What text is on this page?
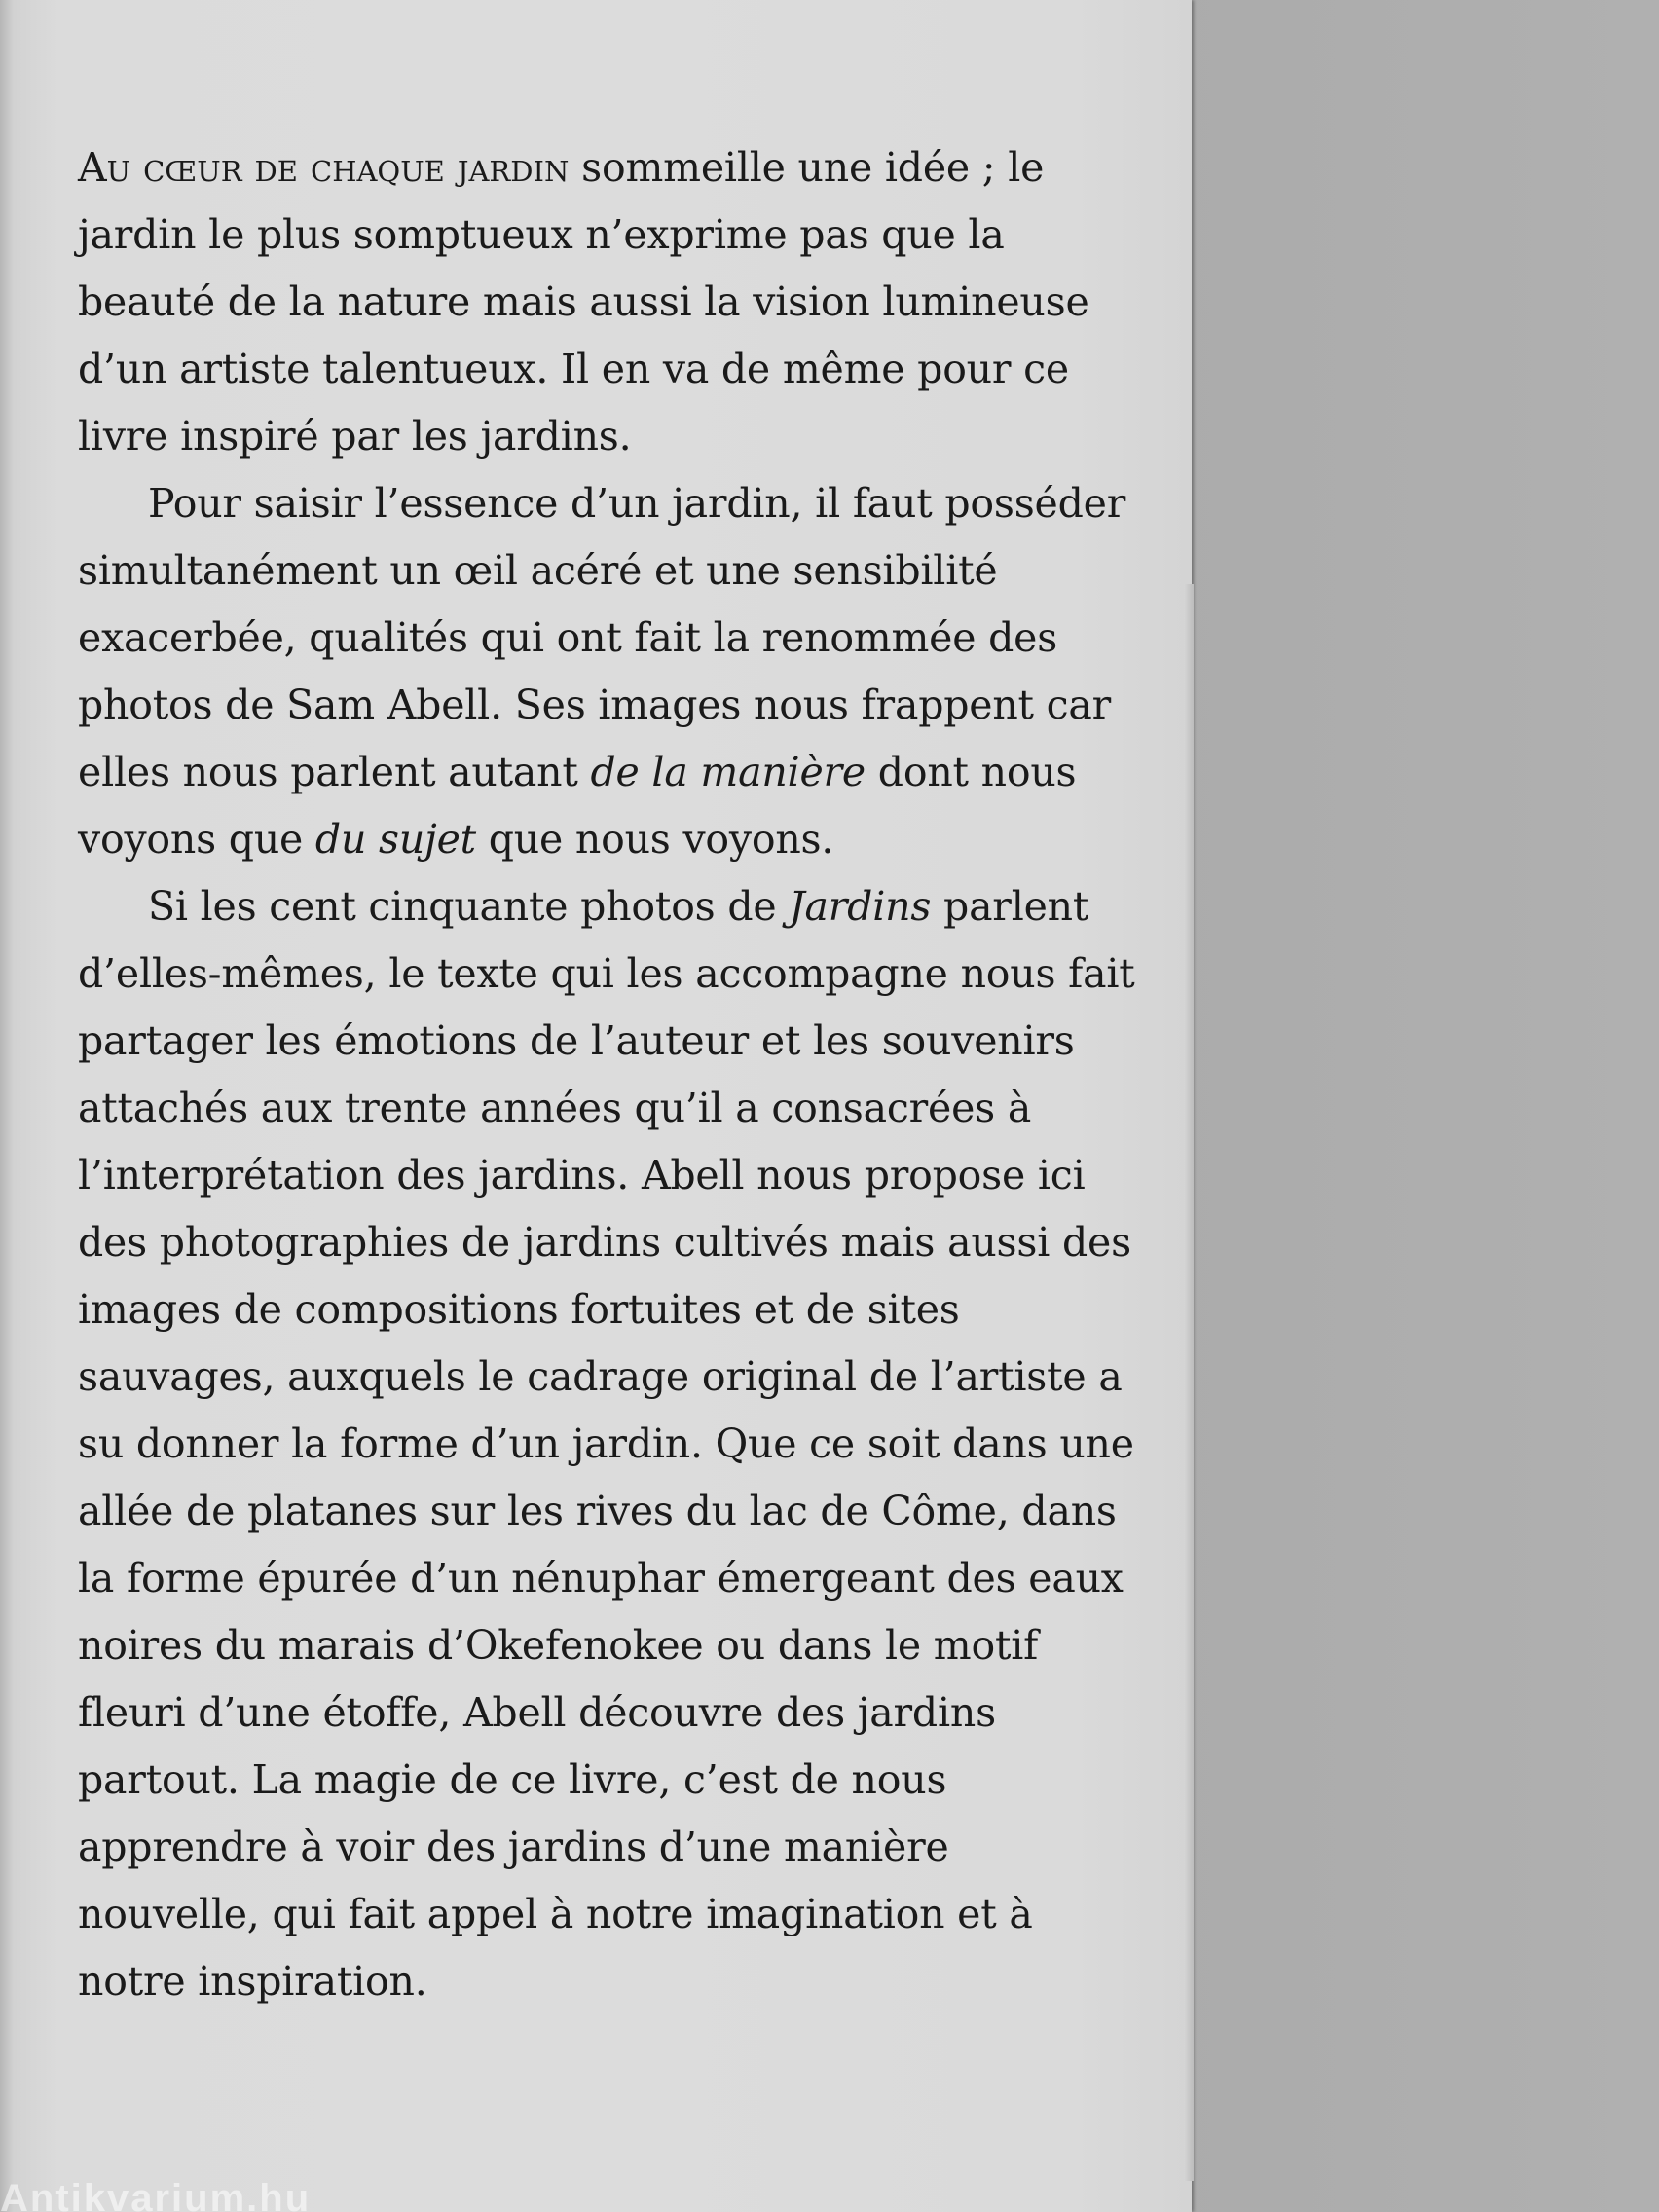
Au cœur de chaque jardin sommeille une idée ; le jardin le plus somptueux n’exprime pas que la beauté de la nature mais aussi la vision lumineuse d’un artiste talentueux. Il en va de même pour ce livre inspiré par les jardins.

Pour saisir l’essence d’un jardin, il faut posséder simultanément un œil acéré et une sensibilité exacerbée, qualités qui ont fait la renommée des photos de Sam Abell. Ses images nous frappent car elles nous parlent autant de la manière dont nous voyons que du sujet que nous voyons.

Si les cent cinquante photos de Jardins parlent d’elles-mêmes, le texte qui les accompagne nous fait partager les émotions de l’auteur et les souvenirs attachés aux trente années qu’il a consacrées à l’interprétation des jardins. Abell nous propose ici des photographies de jardins cultivés mais aussi des images de compositions fortuites et de sites sauvages, auxquels le cadrage original de l’artiste a su donner la forme d’un jardin. Que ce soit dans une allée de platanes sur les rives du lac de Côme, dans la forme épurée d’un nénuphar émergeant des eaux noires du marais d’Okefenokee ou dans le motif fleuri d’une étoffe, Abell découvre des jardins partout. La magie de ce livre, c’est de nous apprendre à voir des jardins d’une manière nouvelle, qui fait appel à notre imagination et à notre inspiration.

Antikvarium.hu
